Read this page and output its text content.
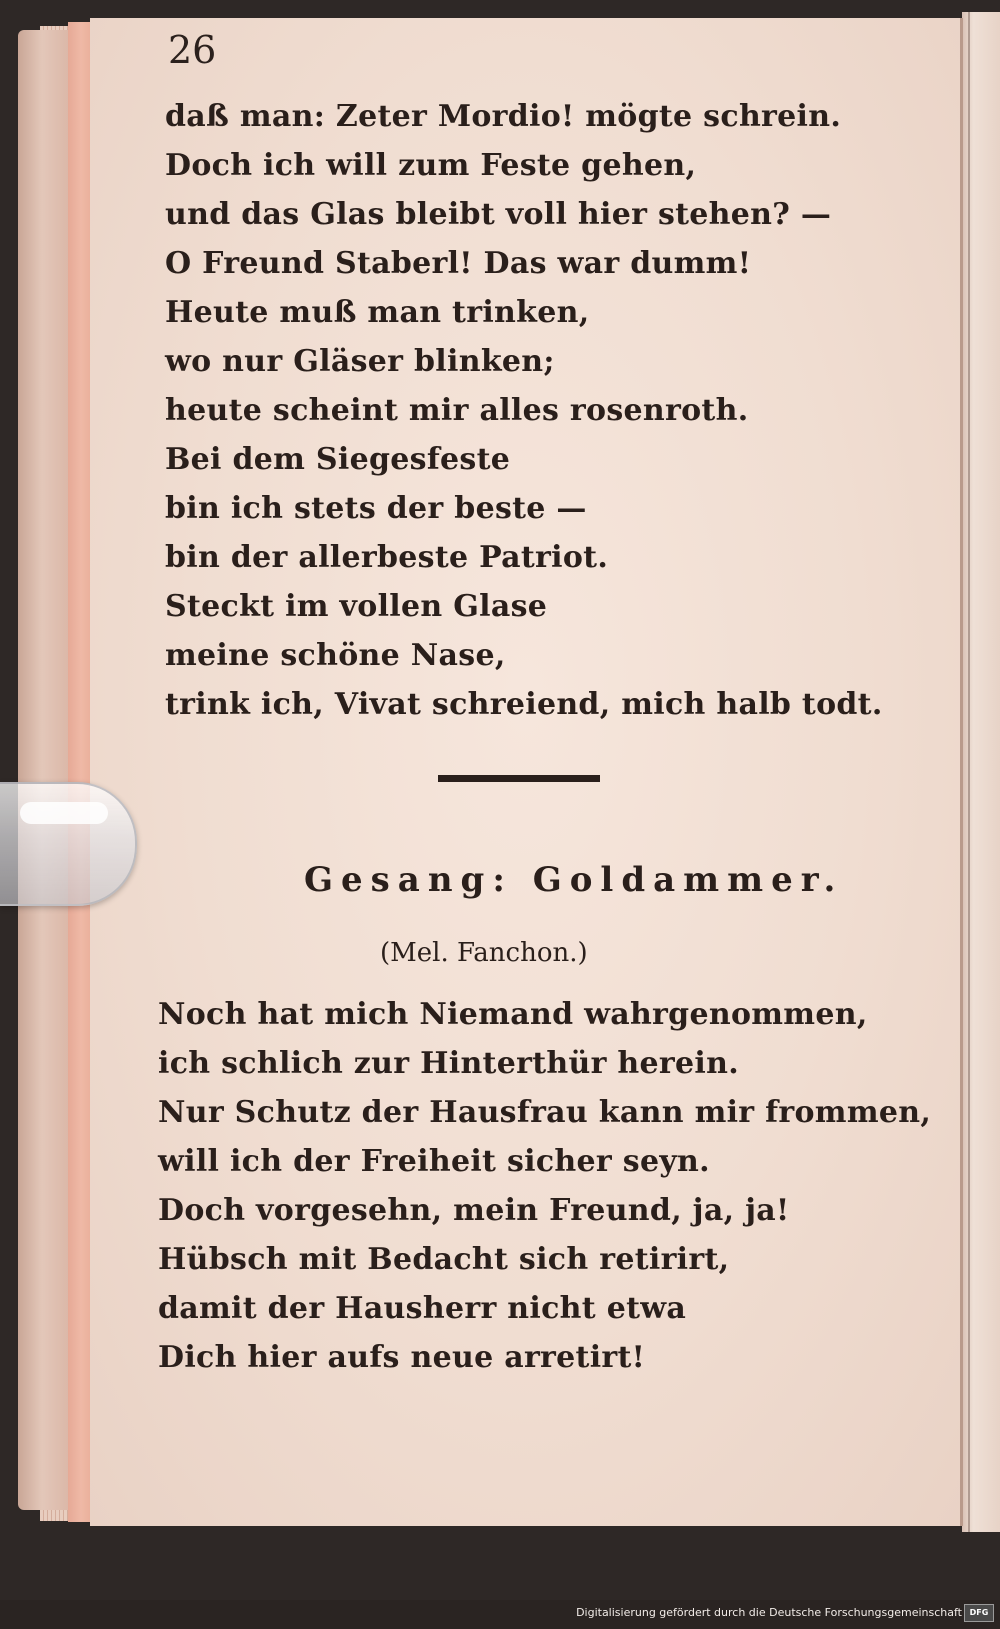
26
daß man: Zeter Mordio! mögte schrein.
Doch ich will zum Feste gehen,
und das Glas bleibt voll hier stehen? —
O Freund Staberl! Das war dumm!
Heute muß man trinken,
wo nur Gläser blinken;
heute scheint mir alles rosenroth.
Bei dem Siegesfeste
bin ich stets der beste —
bin der allerbeste Patriot.
Steckt im vollen Glase
meine schöne Nase,
trink ich, Vivat schreiend, mich halb todt.
Gesang: Goldammer.
(Mel. Fanchon.)
Noch hat mich Niemand wahrgenommen,
ich schlich zur Hinterthür herein.
Nur Schutz der Hausfrau kann mir frommen,
will ich der Freiheit sicher seyn.
Doch vorgesehn, mein Freund, ja, ja!
Hübsch mit Bedacht sich retirirt,
damit der Hausherr nicht etwa
Dich hier aufs neue arretirt!
Digitalisierung gefördert durch die Deutsche Forschungsgemeinschaft DFG
